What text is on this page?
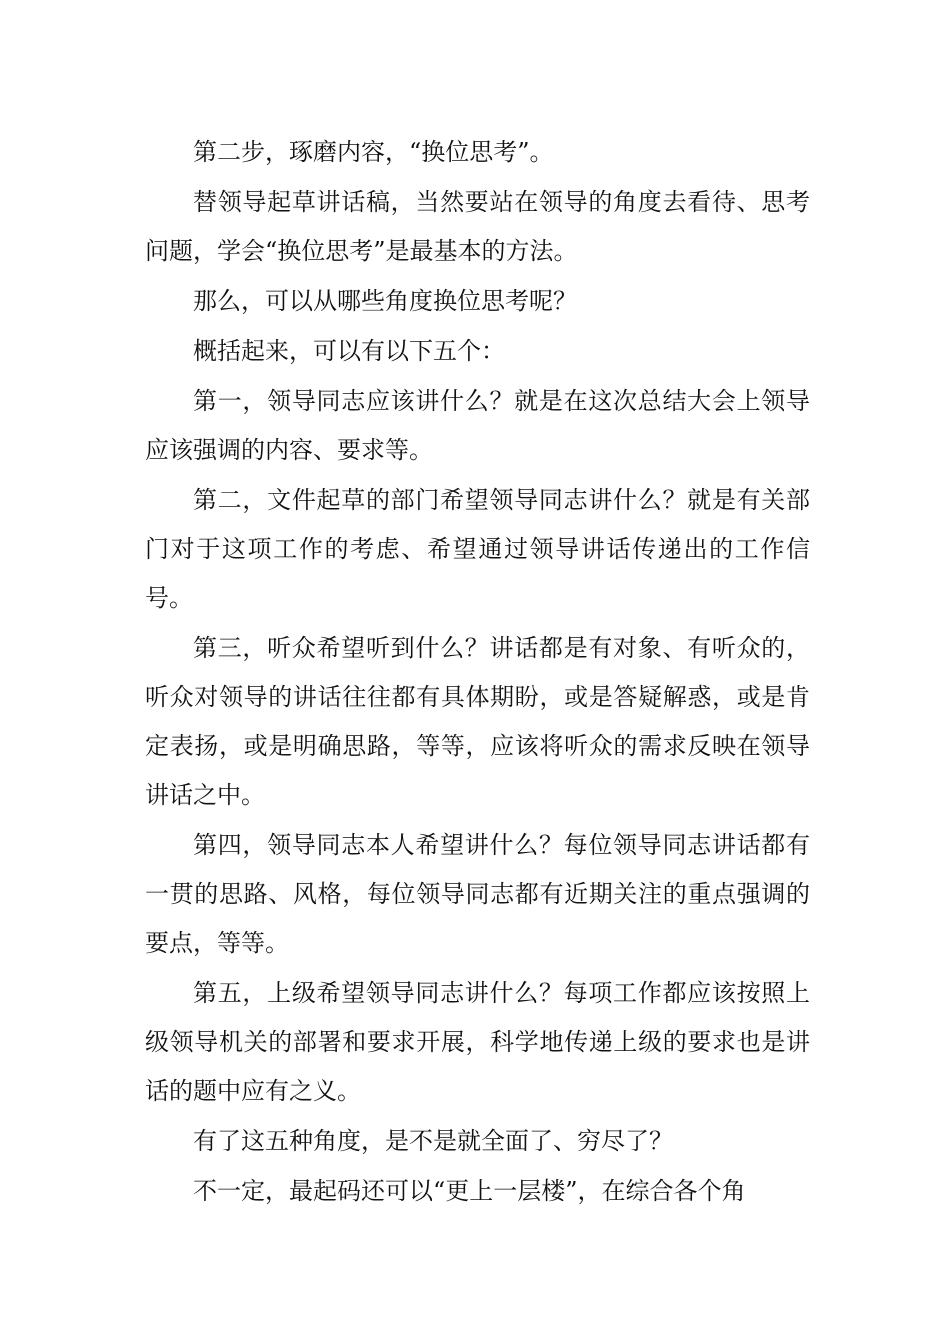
第二步，琢磨内容，“换位思考”。

替领导起草讲话稿，当然要站在领导的角度去看待、思考问题，学会“换位思考”是最基本的方法。

那么，可以从哪些角度换位思考呢？

概括起来，可以有以下五个：

第一，领导同志应该讲什么？就是在这次总结大会上领导应该强调的内容、要求等。

第二，文件起草的部门希望领导同志讲什么？就是有关部门对于这项工作的考虑、希望通过领导讲话传递出的工作信号。

第三，听众希望听到什么？讲话都是有对象、有听众的，听众对领导的讲话往往都有具体期盼，或是答疑解惑，或是肯定表扬，或是明确思路，等等，应该将听众的需求反映在领导讲话之中。

第四，领导同志本人希望讲什么？每位领导同志讲话都有一贯的思路、风格，每位领导同志都有近期关注的重点强调的要点，等等。

第五，上级希望领导同志讲什么？每项工作都应该按照上级领导机关的部署和要求开展，科学地传递上级的要求也是讲话的题中应有之义。

有了这五种角度，是不是就全面了、穷尽了？

不一定，最起码还可以“更上一层楼”，在综合各个角
